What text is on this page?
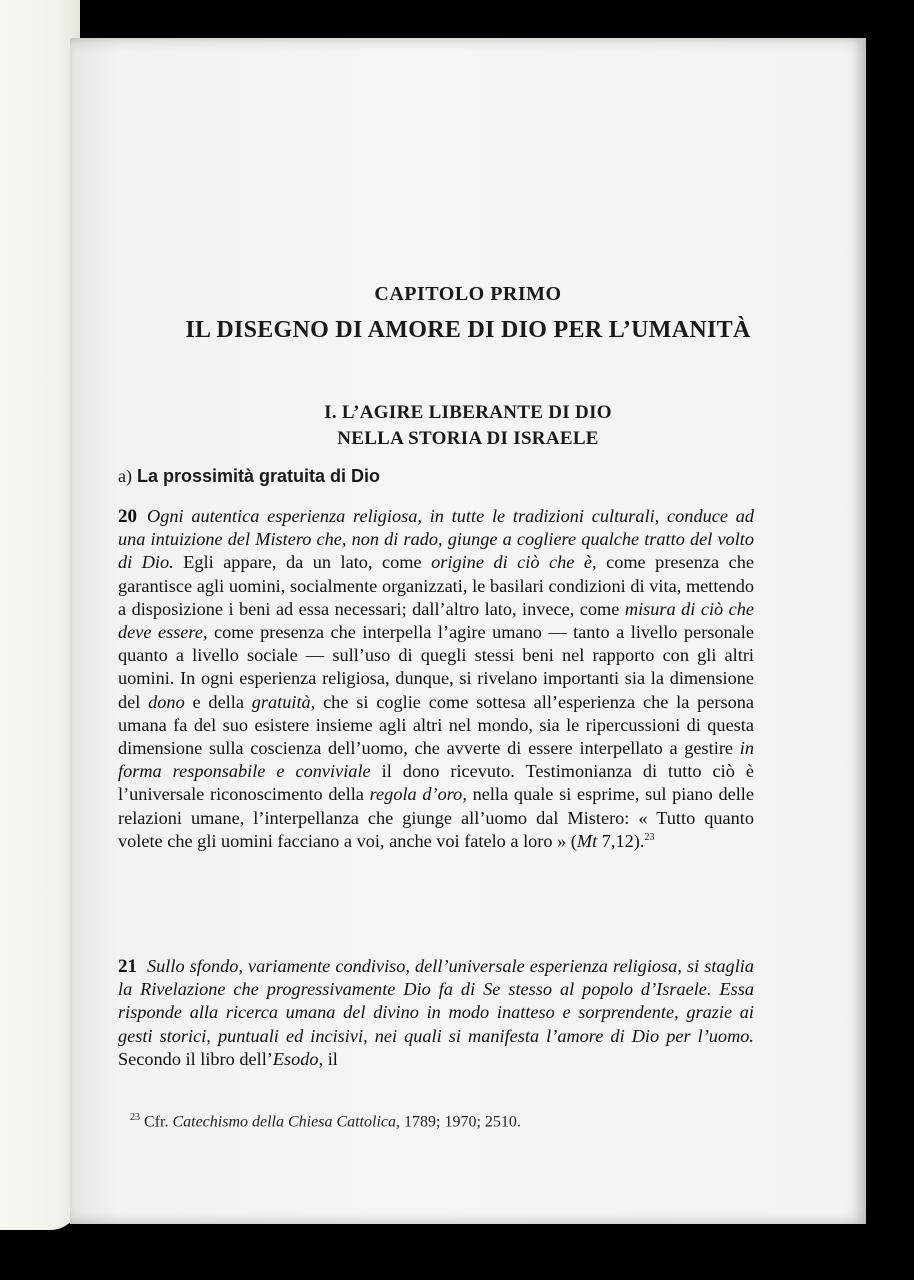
CAPITOLO PRIMO
IL DISEGNO DI AMORE DI DIO PER L’UMANITÀ
I. L’AGIRE LIBERANTE DI DIO
NELLA STORIA DI ISRAELE
a) La prossimità gratuita di Dio
20 Ogni autentica esperienza religiosa, in tutte le tradizioni culturali, conduce ad una intuizione del Mistero che, non di rado, giunge a cogliere qualche tratto del volto di Dio. Egli appare, da un lato, come origine di ciò che è, come presenza che garantisce agli uomini, socialmente organizzati, le basilari condizioni di vita, mettendo a disposizione i beni ad essa necessari; dall’altro lato, invece, come misura di ciò che deve essere, come presenza che interpella l’agire umano — tanto a livello personale quanto a livello sociale — sull’uso di quegli stessi beni nel rapporto con gli altri uomini. In ogni esperienza religiosa, dunque, si rivelano importanti sia la dimensione del dono e della gratuità, che si coglie come sottesa all’esperienza che la persona umana fa del suo esistere insieme agli altri nel mondo, sia le ripercussioni di questa dimensione sulla coscienza dell’uomo, che avverte di essere interpellato a gestire in forma responsabile e conviviale il dono ricevuto. Testimonianza di tutto ciò è l’universale riconoscimento della regola d’oro, nella quale si esprime, sul piano delle relazioni umane, l’interpellanza che giunge all’uomo dal Mistero: « Tutto quanto volete che gli uomini facciano a voi, anche voi fatelo a loro » (Mt 7,12).$^{23}$
21 Sullo sfondo, variamente condiviso, dell’universale esperienza religiosa, si staglia la Rivelazione che progressivamente Dio fa di Se stesso al popolo d’Israele. Essa risponde alla ricerca umana del divino in modo inatteso e sorprendente, grazie ai gesti storici, puntuali ed incisivi, nei quali si manifesta l’amore di Dio per l’uomo. Secondo il libro dell’Esodo, il
$^{23}$ Cfr. Catechismo della Chiesa Cattolica, 1789; 1970; 2510.
